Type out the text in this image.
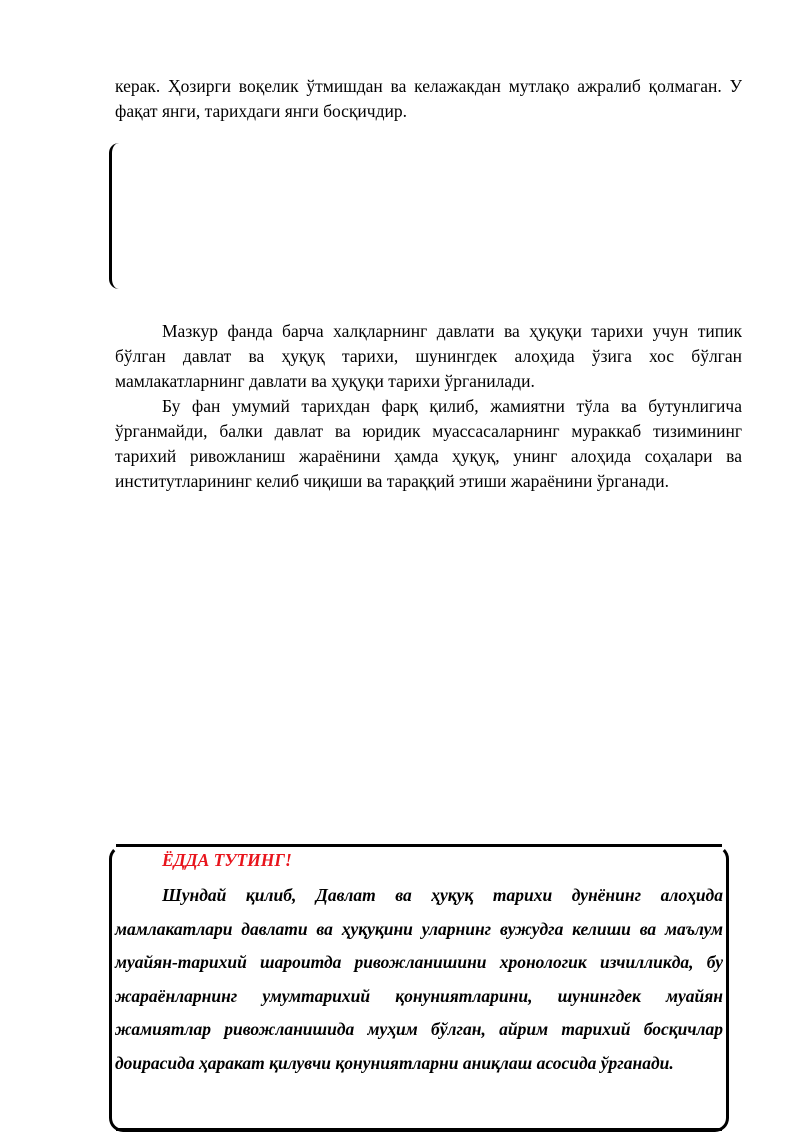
керак. Ҳозирги воқелик ўтмишдан ва келажакдан мутлақо ажралиб қолмаган. У фақат янги, тарихдаги янги босқичдир.

Мазкур фанда барча халқларнинг давлати ва ҳуқуқи тарихи учун типик бўлган давлат ва ҳуқуқ тарихи, шунингдек алоҳида ўзига хос бўлган мамлакатларнинг давлати ва ҳуқуқи тарихи ўрганилади.

Бу фан умумий тарихдан фарқ қилиб, жамиятни тўла ва бутунлигича ўрганмайди, балки давлат ва юридик муассасаларнинг мураккаб тизимининг тарихий ривожланиш жараёнини ҳамда ҳуқуқ, унинг алоҳида соҳалари ва институтларининг келиб чиқиши ва тараққий этиши жараёнини ўрганади.

ЁДДА ТУТИНГ!

Шундай қилиб, Давлат ва ҳуқуқ тарихи дунёнинг алоҳида мамлакатлари давлати ва ҳуқуқини уларнинг вужудга келиши ва маълум муайян-тарихий шароитда ривожланишини хронологик изчилликда, бу жараёнларнинг умумтарихий қонуниятларини, шунингдек муайян жамиятлар ривожланишида муҳим бўлган, айрим тарихий босқичлар доирасида ҳаракат қилувчи қонуниятларни аниқлаш асосида ўрганади.
